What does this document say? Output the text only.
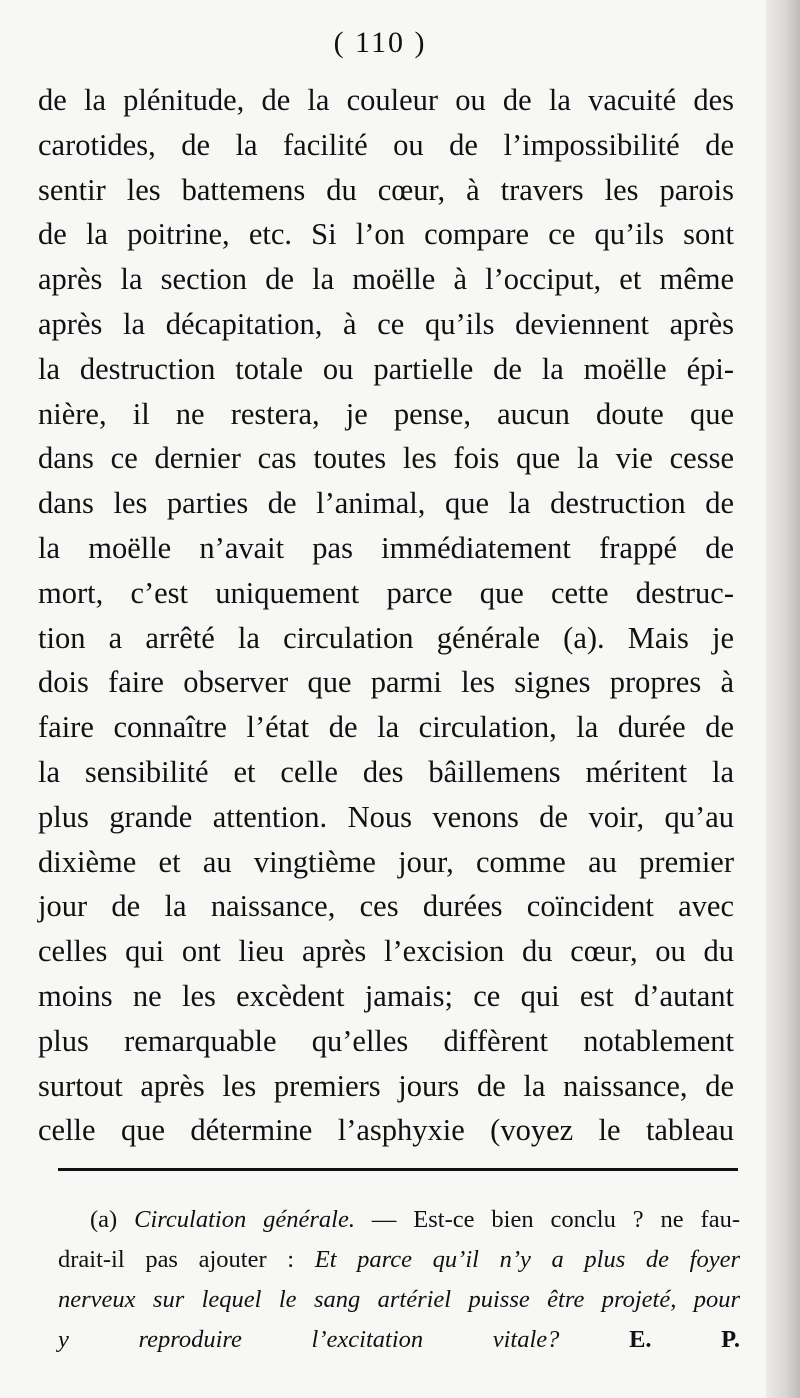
( 110 )
de la plénitude, de la couleur ou de la vacuité des
carotides, de la facilité ou de l’impossibilité de
sentir les battemens du cœur, à travers les parois
de la poitrine, etc. Si l’on compare ce qu’ils sont
après la section de la moëlle à l’occiput, et même
après la décapitation, à ce qu’ils deviennent après
la destruction totale ou partielle de la moëlle épi-
nière, il ne restera, je pense, aucun doute que
dans ce dernier cas toutes les fois que la vie cesse
dans les parties de l’animal, que la destruction de
la moëlle n’avait pas immédiatement frappé de
mort, c’est uniquement parce que cette destruc-
tion a arrêté la circulation générale (a). Mais je
dois faire observer que parmi les signes propres à
faire connaître l’état de la circulation, la durée de
la sensibilité et celle des bâillemens méritent la
plus grande attention. Nous venons de voir, qu’au
dixième et au vingtième jour, comme au premier
jour de la naissance, ces durées coïncident avec
celles qui ont lieu après l’excision du cœur, ou du
moins ne les excèdent jamais; ce qui est d’autant
plus remarquable qu’elles diffèrent notablement
surtout après les premiers jours de la naissance, de
celle que détermine l’asphyxie (voyez le tableau
(a) Circulation générale. — Est-ce bien conclu ? ne fau-
drait-il pas ajouter : Et parce qu’il n’y a plus de foyer
nerveux sur lequel le sang artériel puisse être projeté, pour
y reproduire l’excitation vitale?	E. P.
